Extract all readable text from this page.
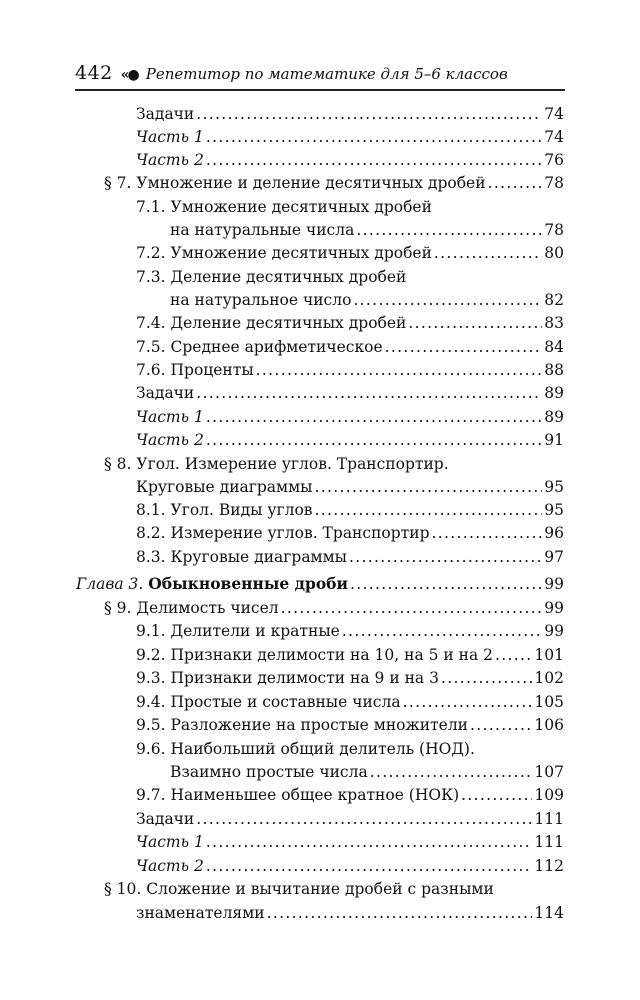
442 «● Репетитор по математике для 5–6 классов
Задачи . . .	74
Часть 1 . . .	74
Часть 2 . . .	76
§ 7. Умножение и деление десятичных дробей . . .	78
7.1. Умножение десятичных дробей
на натуральные числа . . .	78
7.2. Умножение десятичных дробей . . .	80
7.3. Деление десятичных дробей
на натуральное число . . .	82
7.4. Деление десятичных дробей . . .	83
7.5. Среднее арифметическое . . .	84
7.6. Проценты . . .	88
Задачи . . .	89
Часть 1 . . .	89
Часть 2 . . .	91
§ 8. Угол. Измерение углов. Транспортир.
Круговые диаграммы . . .	95
8.1. Угол. Виды углов . . .	95
8.2. Измерение углов. Транспортир . . .	96
8.3. Круговые диаграммы . . .	97
Глава 3. Обыкновенные дроби . . .	99
§ 9. Делимость чисел . . .	99
9.1. Делители и кратные . . .	99
9.2. Признаки делимости на 10, на 5 и на 2 . . .	101
9.3. Признаки делимости на 9 и на 3 . . .	102
9.4. Простые и составные числа . . .	105
9.5. Разложение на простые множители . . .	106
9.6. Наибольший общий делитель (НОД).
Взаимно простые числа . . .	107
9.7. Наименьшее общее кратное (НОК) . . .	109
Задачи . . .	111
Часть 1 . . .	111
Часть 2 . . .	112
§ 10. Сложение и вычитание дробей с разными
знаменателями . . .	114
